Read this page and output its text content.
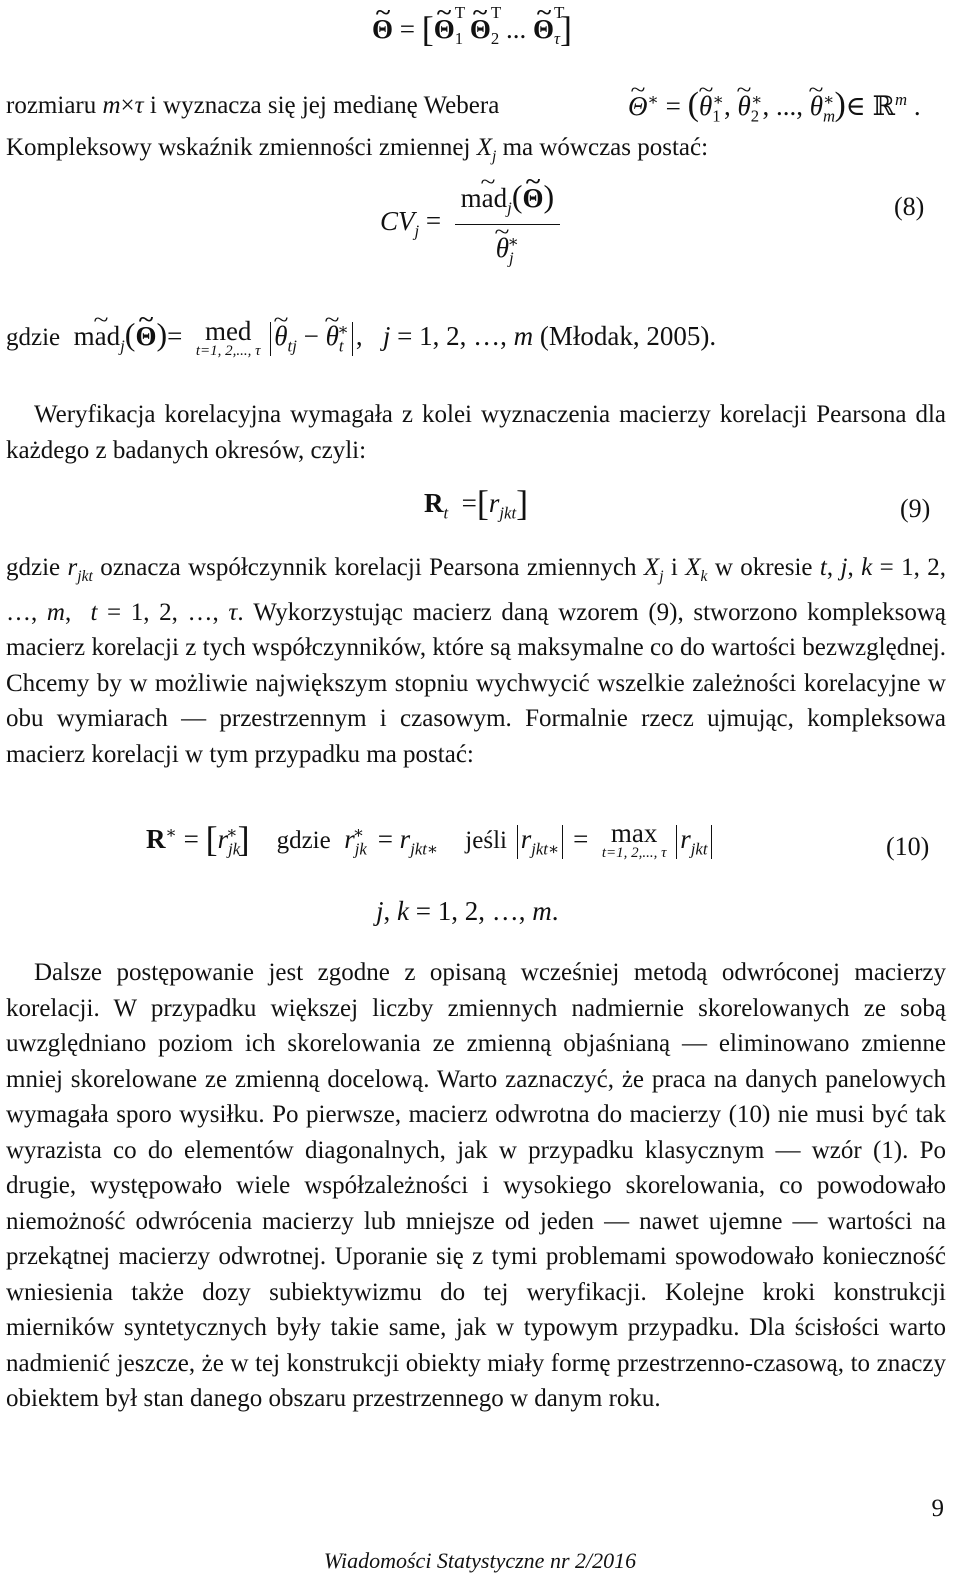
~ Θ = [~ Θ
$_{T 1}$ ~ Θ
$_{T 2}$ ... ~ Θ
$_{T \tau}$]
rozmiaru m×τ i wyznacza się jej medianę Webera	~ Θ∗ = (~ $\theta_1^∗$, ~ $\theta_2^∗$, ..., ~ $\theta_m^∗)\in$ ℝ$^m$ .
Kompleksowy wskaźnik zmienności zmiennej $X_j$ ma wówczas postać:
$CV_j$ = m~ $ad_j(\sim$ Θ)
~ $\theta_j^∗$	(8)
gdzie  m~ $ad_j(\sim$ Θ)=  med
t=1, 2,..., τ ~ $\theta_{tj}$ − ~ $\theta_t^∗$ ,   j = 1, 2, …, m (Młodak, 2005).

Weryfikacja korelacyjna wymagała z kolei wyznaczenia macierzy korelacji Pearsona dla każdego z badanych okresów, czyli:

$R_t =[r_{jkt}]$	(9)

gdzie $r_{jkt}$ oznacza współczynnik korelacji Pearsona zmiennych $X_j$ i $X_k$ w okresie t, j, k = 1, 2, …, m,  t = 1, 2, …, τ. Wykorzystując macierz daną wzorem (9), stworzono kompleksową macierz korelacji z tych współczynników, które są maksymalne co do wartości bezwzględnej. Chcemy by w możliwie największym stopniu wychwycić wszelkie zależności korelacyjne w obu wymiarach — przestrzennym i czasowym. Formalnie rzecz ujmując, kompleksowa macierz korelacji w tym przypadku ma postać:

$R^∗ = [r_{jk}^∗]$ gdzie $r_{jk}^∗ = r_{jkt∗}$ jeśli $r_{jkt∗} = \max$
t=1, 2,..., τ $r_{jkt}$	(10)
j, k = 1, 2, …, m.

Dalsze postępowanie jest zgodne z opisaną wcześniej metodą odwróconej macierzy korelacji. W przypadku większej liczby zmiennych nadmiernie skorelowanych ze sobą uwzględniano poziom ich skorelowania ze zmienną objaśnianą — eliminowano zmienne mniej skorelowane ze zmienną docelową. Warto zaznaczyć, że praca na danych panelowych wymagała sporo wysiłku. Po pierwsze, macierz odwrotna do macierzy (10) nie musi być tak wyrazista co do elementów diagonalnych, jak w przypadku klasycznym — wzór (1). Po drugie, występowało wiele współzależności i wysokiego skorelowania, co powodowało niemożność odwrócenia macierzy lub mniejsze od jeden — nawet ujemne — wartości na przekątnej macierzy odwrotnej. Uporanie się z tymi problemami spowodowało konieczność wniesienia także dozy subiektywizmu do tej weryfikacji. Kolejne kroki konstrukcji mierników syntetycznych były takie same, jak w typowym przypadku. Dla ścisłości warto nadmienić jeszcze, że w tej konstrukcji obiekty miały formę przestrzenno-czasową, to znaczy obiektem był stan danego obszaru przestrzennego w danym roku.

9
Wiadomości Statystyczne nr 2/2016
